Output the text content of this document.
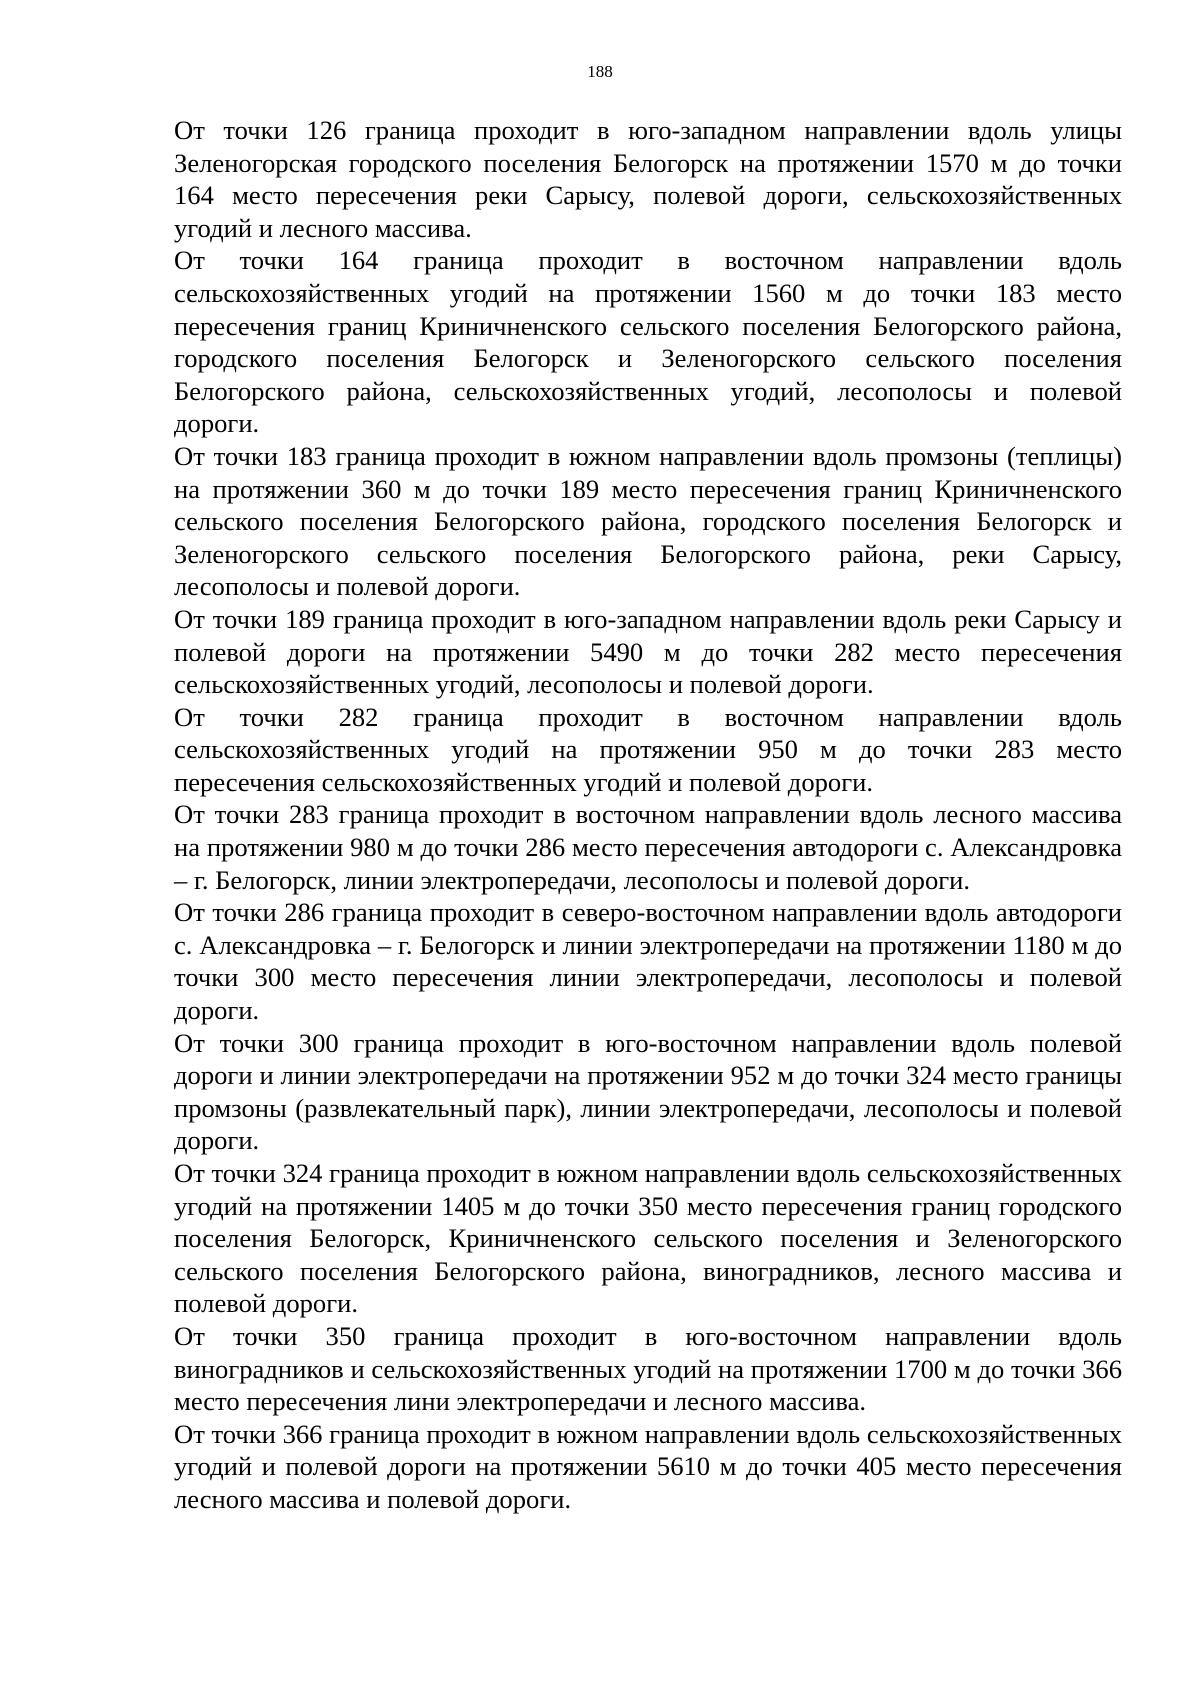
188

От точки 126 граница проходит в юго-западном направлении вдоль улицы Зеленогорская городского поселения Белогорск на протяжении 1570 м до точки 164 место пересечения реки Сарысу, полевой дороги, сельскохозяйственных угодий и лесного массива.

От точки 164 граница проходит в восточном направлении вдоль сельскохозяйственных угодий на протяжении 1560 м до точки 183 место пересечения границ Криничненского сельского поселения Белогорского района, городского поселения Белогорск и Зеленогорского сельского поселения Белогорского района, сельскохозяйственных угодий, лесополосы и полевой дороги.

От точки 183 граница проходит в южном направлении вдоль промзоны (теплицы) на протяжении 360 м до точки 189 место пересечения границ Криничненского сельского поселения Белогорского района, городского поселения Белогорск и Зеленогорского сельского поселения Белогорского района, реки Сарысу, лесополосы и полевой дороги.

От точки 189 граница проходит в юго-западном направлении вдоль реки Сарысу и полевой дороги на протяжении 5490 м до точки 282 место пересечения сельскохозяйственных угодий, лесополосы и полевой дороги.

От точки 282 граница проходит в восточном направлении вдоль сельскохозяйственных угодий на протяжении 950 м до точки 283 место пересечения сельскохозяйственных угодий и полевой дороги.

От точки 283 граница проходит в восточном направлении вдоль лесного массива на протяжении 980 м до точки 286 место пересечения автодороги с. Александровка – г. Белогорск, линии электропередачи, лесополосы и полевой дороги.

От точки 286 граница проходит в северо-восточном направлении вдоль автодороги с. Александровка – г. Белогорск и линии электропередачи на протяжении 1180 м до точки 300 место пересечения линии электропередачи, лесополосы и полевой дороги.

От точки 300 граница проходит в юго-восточном направлении вдоль полевой дороги и линии электропередачи на протяжении 952 м до точки 324 место границы промзоны (развлекательный парк), линии электропередачи, лесополосы и полевой дороги.

От точки 324 граница проходит в южном направлении вдоль сельскохозяйственных угодий на протяжении 1405 м до точки 350 место пересечения границ городского поселения Белогорск, Криничненского сельского поселения и Зеленогорского сельского поселения Белогорского района, виноградников, лесного массива и полевой дороги.

От точки 350 граница проходит в юго-восточном направлении вдоль виноградников и сельскохозяйственных угодий на протяжении 1700 м до точки 366 место пересечения лини электропередачи и лесного массива.

От точки 366 граница проходит в южном направлении вдоль сельскохозяйственных угодий и полевой дороги на протяжении 5610 м до точки 405 место пересечения лесного массива и полевой дороги.
